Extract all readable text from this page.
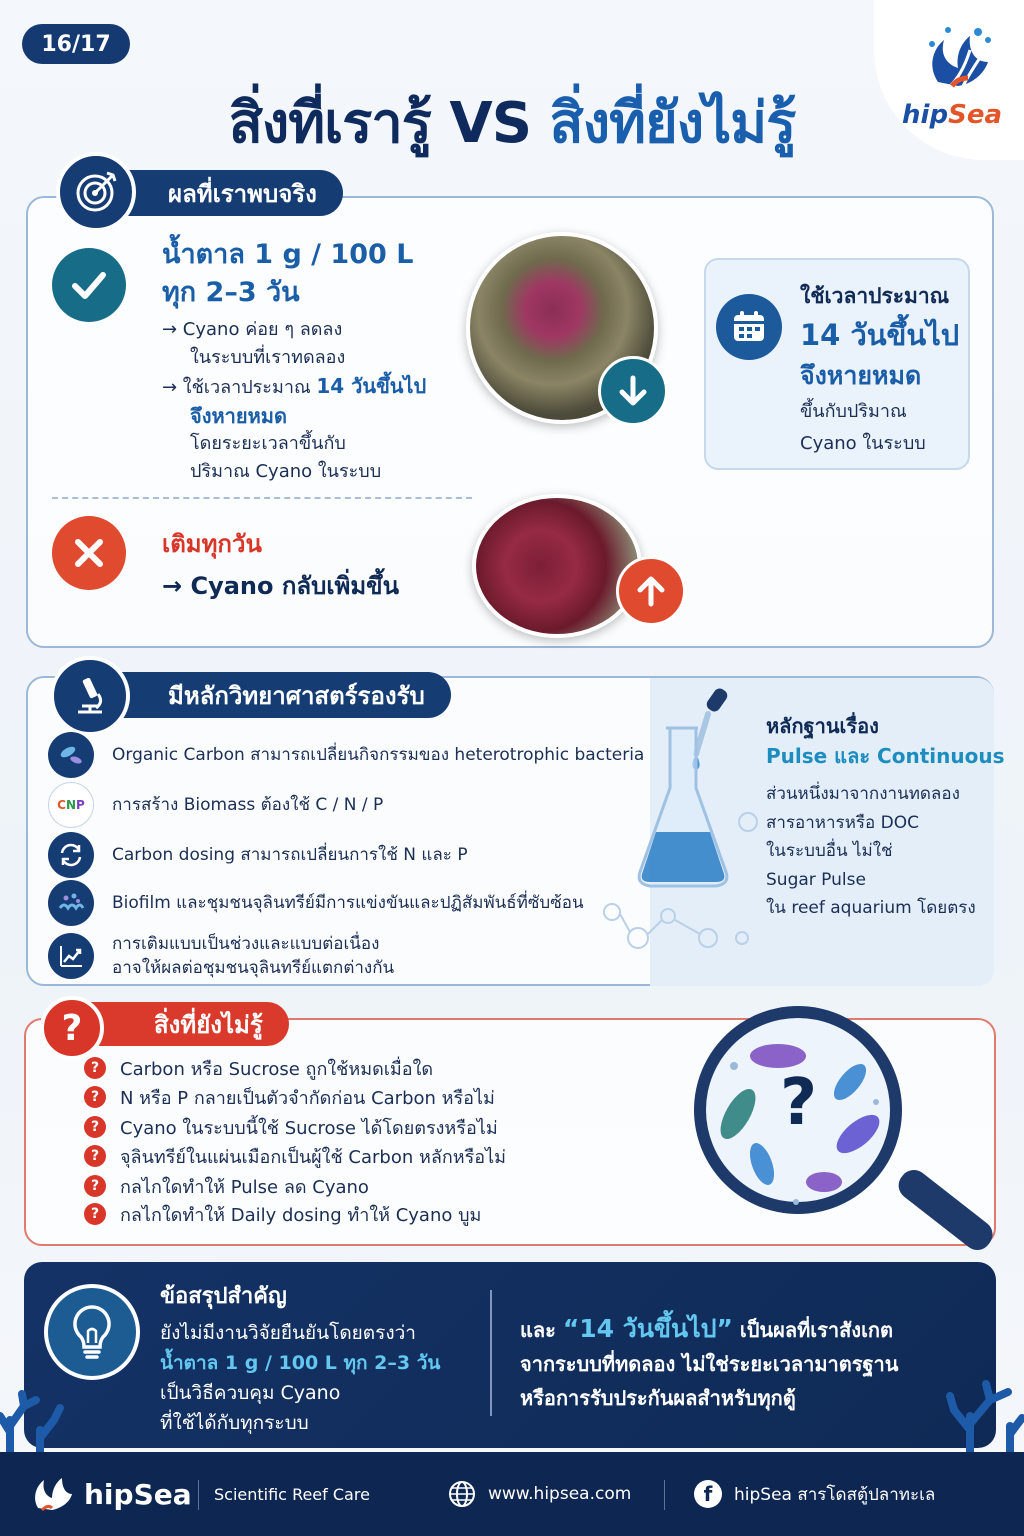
16/17
สิ่งที่เรารู้ VS สิ่งที่ยังไม่รู้	hipSea
ผลที่เราพบจริง
น้ำตาล 1 g / 100 L
ทุก 2–3 วัน
→ Cyano ค่อย ๆ ลดลง
ในระบบที่เราทดลอง
→ ใช้เวลาประมาณ 14 วันขึ้นไป
จึงหายหมด
โดยระยะเวลาขึ้นกับ
ปริมาณ Cyano ในระบบ
ใช้เวลาประมาณ
14 วันขึ้นไป
จึงหายหมด
ขึ้นกับปริมาณ
Cyano ในระบบ
เติมทุกวัน
→ Cyano กลับเพิ่มขึ้น
มีหลักวิทยาศาสตร์รองรับ
Organic Carbon สามารถเปลี่ยนกิจกรรมของ heterotrophic bacteria
C N P การสร้าง Biomass ต้องใช้ C / N / P
Carbon dosing สามารถเปลี่ยนการใช้ N และ P
Biofilm และชุมชนจุลินทรีย์มีการแข่งขันและปฏิสัมพันธ์ที่ซับซ้อน
การเติมแบบเป็นช่วงและแบบต่อเนื่อง
อาจให้ผลต่อชุมชนจุลินทรีย์แตกต่างกัน
หลักฐานเรื่อง
Pulse และ Continuous
ส่วนหนึ่งมาจากงานทดลอง
สารอาหารหรือ DOC
ในระบบอื่น ไม่ใช่
Sugar Pulse
ใน reef aquarium โดยตรง
สิ่งที่ยังไม่รู้
?
?	Carbon หรือ Sucrose ถูกใช้หมดเมื่อใด
?	N หรือ P กลายเป็นตัวจำกัดก่อน Carbon หรือไม่
?	Cyano ในระบบนี้ใช้ Sucrose ได้โดยตรงหรือไม่
?	จุลินทรีย์ในแผ่นเมือกเป็นผู้ใช้ Carbon หลักหรือไม่
?	กลไกใดทำให้ Pulse ลด Cyano
?	กลไกใดทำให้ Daily dosing ทำให้ Cyano บูม
?
ข้อสรุปสำคัญ
ยังไม่มีงานวิจัยยืนยันโดยตรงว่า
น้ำตาล 1 g / 100 L ทุก 2–3 วัน
เป็นวิธีควบคุม Cyano
ที่ใช้ได้กับทุกระบบ
และ “14 วันขึ้นไป” เป็นผลที่เราสังเกต
จากระบบที่ทดลอง ไม่ใช่ระยะเวลามาตรฐาน
หรือการรับประกันผลสำหรับทุกตู้
hipSea Scientific Reef Care	www.hipsea.com	f	hipSea สารโดสตู้ปลาทะเล
